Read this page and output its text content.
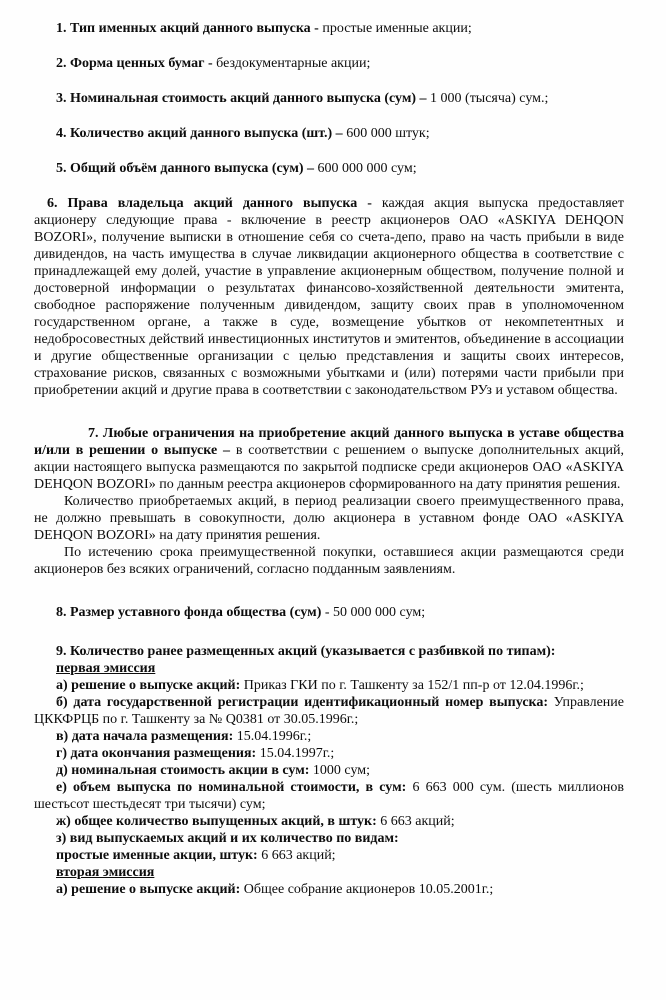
1. Тип именных акций данного выпуска - простые именные акции;

2. Форма ценных бумаг - бездокументарные акции;

3. Номинальная стоимость акций данного выпуска (сум) – 1 000 (тысяча) сум.;

4. Количество акций данного выпуска (шт.) – 600 000 штук;

5. Общий объём данного выпуска (сум) – 600 000 000 сум;

6. Права владельца акций данного выпуска - каждая акция выпуска предоставляет акционеру следующие права - включение в реестр акционеров ОАО «ASKIYA DEHQON BOZORI», получение выписки в отношение себя со счета-депо, право на часть прибыли в виде дивидендов, на часть имущества в случае ликвидации акционерного общества в соответствие с принадлежащей ему долей, участие в управление акционерным обществом, получение полной и достоверной информации о результатах финансово-хозяйственной деятельности эмитента, свободное распоряжение полученным дивидендом, защиту своих прав в уполномоченном государственном органе, а также в суде, возмещение убытков от некомпетентных и недобросовестных действий инвестиционных институтов и эмитентов, объединение в ассоциации и другие общественные организации с целью представления и защиты своих интересов, страхование рисков, связанных с возможными убытками и (или) потерями части прибыли при приобретении акций и другие права в соответствии с законодательством РУз и уставом общества.

7. Любые ограничения на приобретение акций данного выпуска в уставе общества и/или в решении о выпуске – в соответствии с решением о выпуске дополнительных акций, акции настоящего выпуска размещаются по закрытой подписке среди акционеров ОАО «ASKIYA DEHQON BOZORI» по данным реестра акционеров сформированного на дату принятия решения.

Количество приобретаемых акций, в период реализации своего преимущественного права, не должно превышать в совокупности, долю акционера в уставном фонде ОАО «ASKIYA DEHQON BOZORI» на дату принятия решения.

По истечению срока преимущественной покупки, оставшиеся акции размещаются среди акционеров без всяких ограничений, согласно подданным заявлениям.

8. Размер уставного фонда общества (сум) - 50 000 000 сум;

9. Количество ранее размещенных акций (указывается с разбивкой по типам):

первая эмиссия

а) решение о выпуске акций: Приказ ГКИ по г. Ташкенту за 152/1 пп-р от 12.04.1996г.;

б) дата государственной регистрации идентификационный номер выпуска: Управление ЦККФРЦБ по г. Ташкенту за № Q0381 от 30.05.1996г.;

в) дата начала размещения: 15.04.1996г.;

г) дата окончания размещения: 15.04.1997г.;

д) номинальная стоимость акции в сум: 1000 сум;

е) объем выпуска по номинальной стоимости, в сум: 6 663 000 сум. (шесть миллионов шестьсот шестьдесят три тысячи) сум;

ж) общее количество выпущенных акций, в штук: 6 663 акций;

з) вид выпускаемых акций и их количество по видам:

простые именные акции, штук: 6 663 акций;

вторая эмиссия

а) решение о выпуске акций: Общее собрание акционеров 10.05.2001г.;
